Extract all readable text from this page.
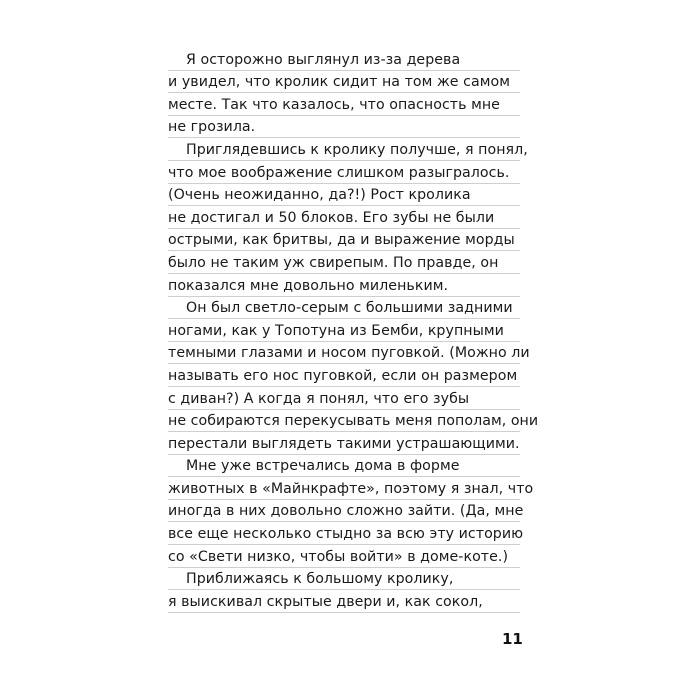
Я осторожно выглянул из-за дерева
и увидел, что кролик сидит на том же самом
месте. Так что казалось, что опасность мне
не грозила.
Приглядевшись к кролику получше, я понял,
что мое воображение слишком разыгралось.
(Очень неожиданно, да?!) Рост кролика
не достигал и 50 блоков. Его зубы не были
острыми, как бритвы, да и выражение морды
было не таким уж свирепым. По правде, он
показался мне довольно миленьким.
Он был светло-серым с большими задними
ногами, как у Топотуна из Бемби, крупными
темными глазами и носом пуговкой. (Можно ли
называть его нос пуговкой, если он размером
с диван?) А когда я понял, что его зубы
не собираются перекусывать меня пополам, они
перестали выглядеть такими устрашающими.
Мне уже встречались дома в форме
животных в «Майнкрафте», поэтому я знал, что
иногда в них довольно сложно зайти. (Да, мне
все еще несколько стыдно за всю эту историю
со «Свети низко, чтобы войти» в доме-коте.)
Приближаясь к большому кролику,
я выискивал скрытые двери и, как сокол,
11
